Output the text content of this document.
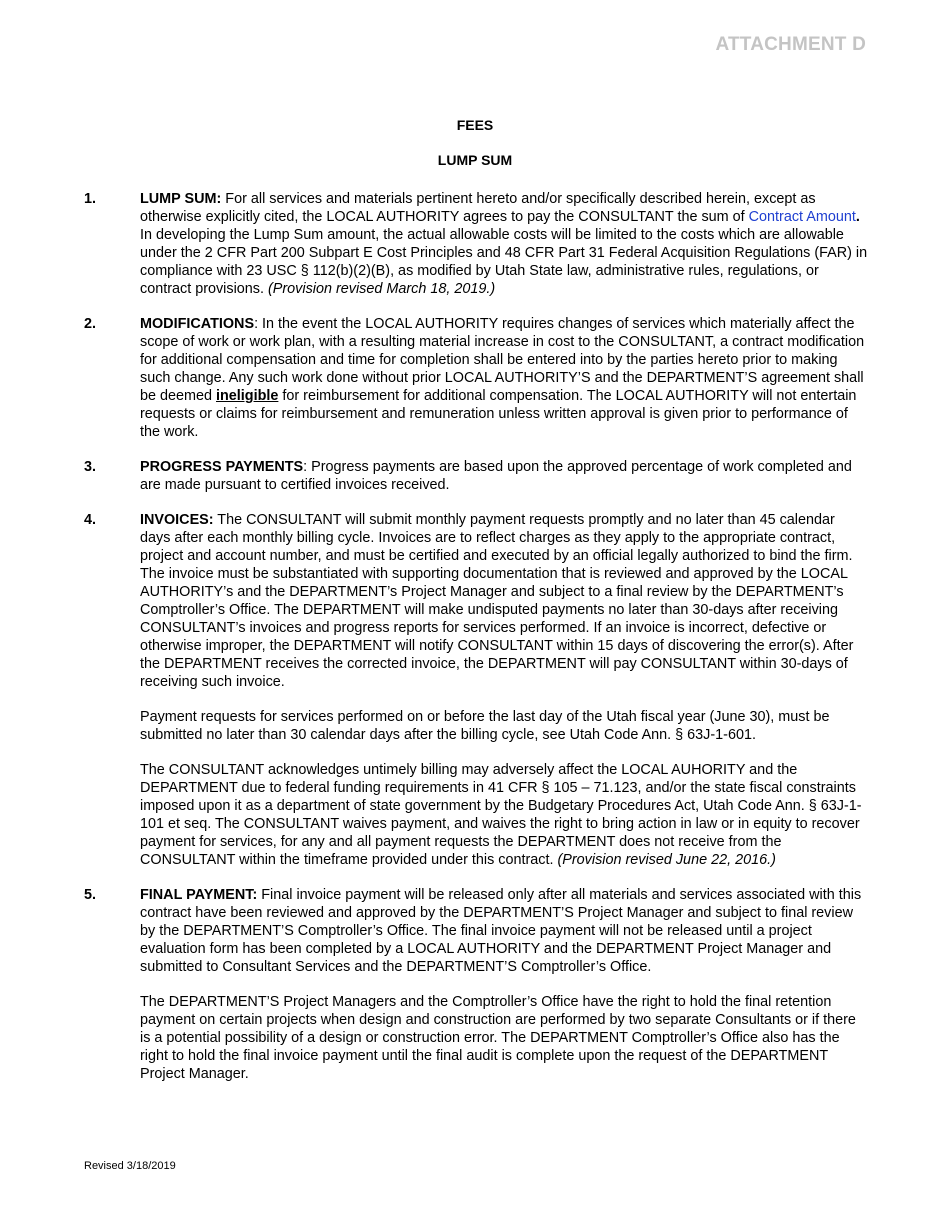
ATTACHMENT D
FEES
LUMP SUM
1.	LUMP SUM: For all services and materials pertinent hereto and/or specifically described herein, except as otherwise explicitly cited, the LOCAL AUTHORITY agrees to pay the CONSULTANT the sum of Contract Amount. In developing the Lump Sum amount, the actual allowable costs will be limited to the costs which are allowable under the 2 CFR Part 200 Subpart E Cost Principles and 48 CFR Part 31 Federal Acquisition Regulations (FAR) in compliance with 23 USC § 112(b)(2)(B), as modified by Utah State law, administrative rules, regulations, or contract provisions. (Provision revised March 18, 2019.)

2.	MODIFICATIONS: In the event the LOCAL AUTHORITY requires changes of services which materially affect the scope of work or work plan, with a resulting material increase in cost to the CONSULTANT, a contract modification for additional compensation and time for completion shall be entered into by the parties hereto prior to making such change. Any such work done without prior LOCAL AUTHORITY’S and the DEPARTMENT’S agreement shall be deemed ineligible for reimbursement for additional compensation. The LOCAL AUTHORITY will not entertain requests or claims for reimbursement and remuneration unless written approval is given prior to performance of the work.

3.	PROGRESS PAYMENTS: Progress payments are based upon the approved percentage of work completed and are made pursuant to certified invoices received.

4.	INVOICES: The CONSULTANT will submit monthly payment requests promptly and no later than 45 calendar days after each monthly billing cycle. Invoices are to reflect charges as they apply to the appropriate contract, project and account number, and must be certified and executed by an official legally authorized to bind the firm. The invoice must be substantiated with supporting documentation that is reviewed and approved by the LOCAL AUTHORITY’s and the DEPARTMENT’s Project Manager and subject to a final review by the DEPARTMENT’s Comptroller’s Office. The DEPARTMENT will make undisputed payments no later than 30-days after receiving CONSULTANT’s invoices and progress reports for services performed. If an invoice is incorrect, defective or otherwise improper, the DEPARTMENT will notify CONSULTANT within 15 days of discovering the error(s). After the DEPARTMENT receives the corrected invoice, the DEPARTMENT will pay CONSULTANT within 30-days of receiving such invoice.

Payment requests for services performed on or before the last day of the Utah fiscal year (June 30), must be submitted no later than 30 calendar days after the billing cycle, see Utah Code Ann. § 63J-1-601.

The CONSULTANT acknowledges untimely billing may adversely affect the LOCAL AUHORITY and the DEPARTMENT due to federal funding requirements in 41 CFR § 105 – 71.123, and/or the state fiscal constraints imposed upon it as a department of state government by the Budgetary Procedures Act, Utah Code Ann. § 63J-1-101 et seq. The CONSULTANT waives payment, and waives the right to bring action in law or in equity to recover payment for services, for any and all payment requests the DEPARTMENT does not receive from the CONSULTANT within the timeframe provided under this contract. (Provision revised June 22, 2016.)

5.	FINAL PAYMENT: Final invoice payment will be released only after all materials and services associated with this contract have been reviewed and approved by the DEPARTMENT’S Project Manager and subject to final review by the DEPARTMENT’S Comptroller’s Office. The final invoice payment will not be released until a project evaluation form has been completed by a LOCAL AUTHORITY and the DEPARTMENT Project Manager and submitted to Consultant Services and the DEPARTMENT’S Comptroller’s Office.

The DEPARTMENT’S Project Managers and the Comptroller’s Office have the right to hold the final retention payment on certain projects when design and construction are performed by two separate Consultants or if there is a potential possibility of a design or construction error. The DEPARTMENT Comptroller’s Office also has the right to hold the final invoice payment until the final audit is complete upon the request of the DEPARTMENT Project Manager.

Revised 3/18/2019
